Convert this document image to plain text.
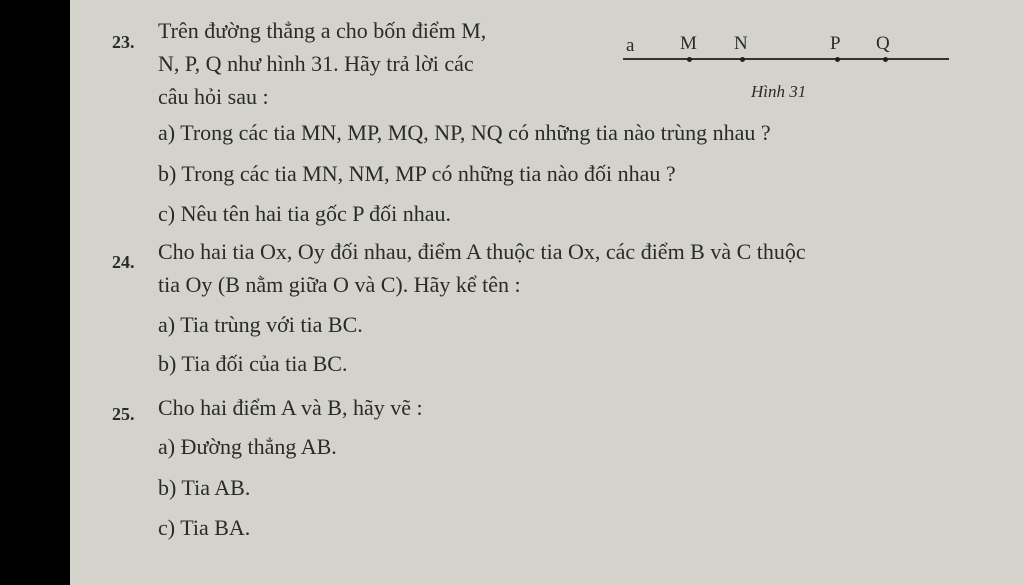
23. Trên đường thẳng a cho bốn điểm M,
N, P, Q như hình 31. Hãy trả lời các
câu hỏi sau :
a M N	P Q
Hình 31
a) Trong các tia MN, MP, MQ, NP, NQ có những tia nào trùng nhau ?
b) Trong các tia MN, NM, MP có những tia nào đối nhau ?
c) Nêu tên hai tia gốc P đối nhau.
24. Cho hai tia Ox, Oy đối nhau, điểm A thuộc tia Ox, các điểm B và C thuộc
tia Oy (B nằm giữa O và C). Hãy kể tên :
a) Tia trùng với tia BC.
b) Tia đối của tia BC.
25. Cho hai điểm A và B, hãy vẽ :
a) Đường thẳng AB.
b) Tia AB.
c) Tia BA.
